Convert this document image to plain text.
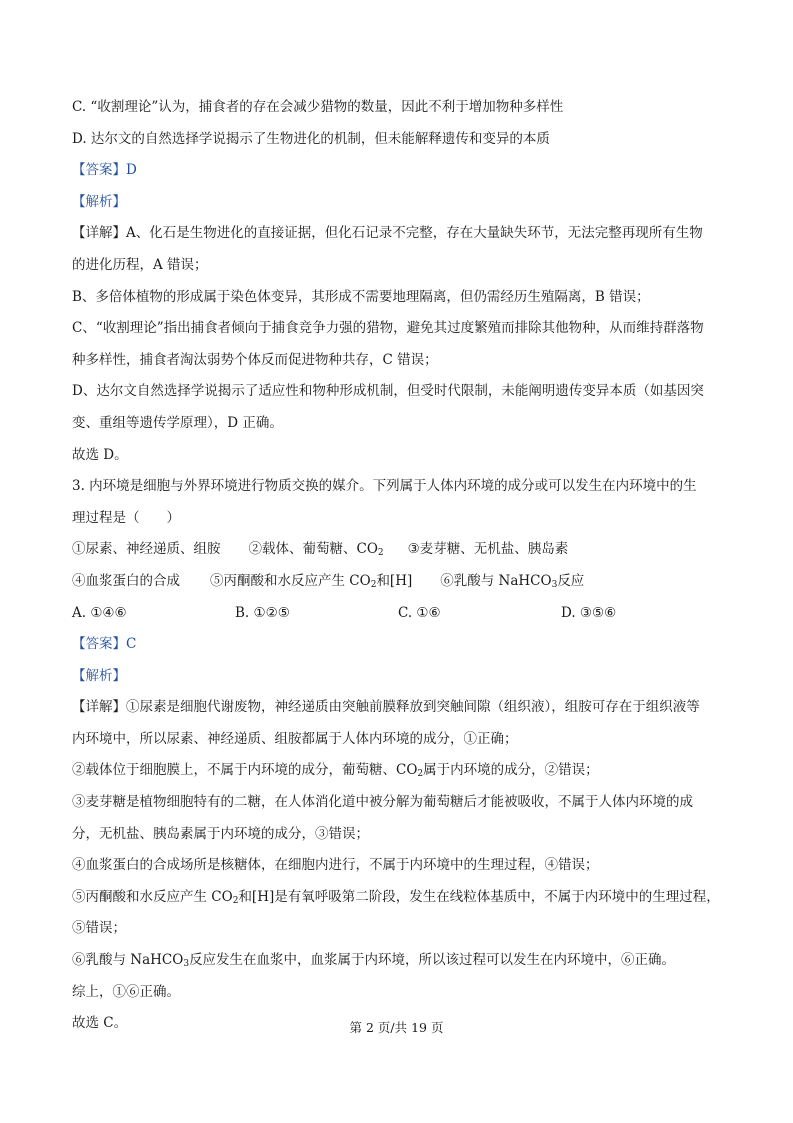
C. “收割理论”认为，捕食者的存在会减少猎物的数量，因此不利于增加物种多样性
D. 达尔文的自然选择学说揭示了生物进化的机制，但未能解释遗传和变异的本质
【答案】D
【解析】
【详解】A、化石是生物进化的直接证据，但化石记录不完整，存在大量缺失环节，无法完整再现所有生物
的进化历程，A 错误；
B、多倍体植物的形成属于染色体变异，其形成不需要地理隔离，但仍需经历生殖隔离，B 错误；
C、“收割理论”指出捕食者倾向于捕食竞争力强的猎物，避免其过度繁殖而排除其他物种，从而维持群落物
种多样性，捕食者淘汰弱势个体反而促进物种共存，C 错误；
D、达尔文自然选择学说揭示了适应性和物种形成机制，但受时代限制，未能阐明遗传变异本质（如基因突
变、重组等遗传学原理），D 正确。
故选 D。
3. 内环境是细胞与外界环境进行物质交换的媒介。下列属于人体内环境的成分或可以发生在内环境中的生
理过程是（　　）
①尿素、神经递质、组胺 ②载体、葡萄糖、$CO_2$ ③麦芽糖、无机盐、胰岛素
④血浆蛋白的合成 ⑤丙酮酸和水反应产生 $CO_2$和[H] ⑥乳酸与 NaHCO$_3$反应
A. ①④⑥	B. ①②⑤	C. ①⑥	D. ③⑤⑥
【答案】C
【解析】
【详解】①尿素是细胞代谢废物，神经递质由突触前膜释放到突触间隙（组织液），组胺可存在于组织液等
内环境中，所以尿素、神经递质、组胺都属于人体内环境的成分，①正确；
②载体位于细胞膜上，不属于内环境的成分，葡萄糖、$CO_2$属于内环境的成分，②错误；
③麦芽糖是植物细胞特有的二糖，在人体消化道中被分解为葡萄糖后才能被吸收，不属于人体内环境的成
分，无机盐、胰岛素属于内环境的成分，③错误；
④血浆蛋白的合成场所是核糖体，在细胞内进行，不属于内环境中的生理过程，④错误；
⑤丙酮酸和水反应产生 $CO_2$和[H]是有氧呼吸第二阶段，发生在线粒体基质中，不属于内环境中的生理过程，
⑤错误；
⑥乳酸与 NaHCO$_3$反应发生在血浆中，血浆属于内环境，所以该过程可以发生在内环境中，⑥正确。
综上，①⑥正确。
故选 C。	第 2 页/共 19 页
